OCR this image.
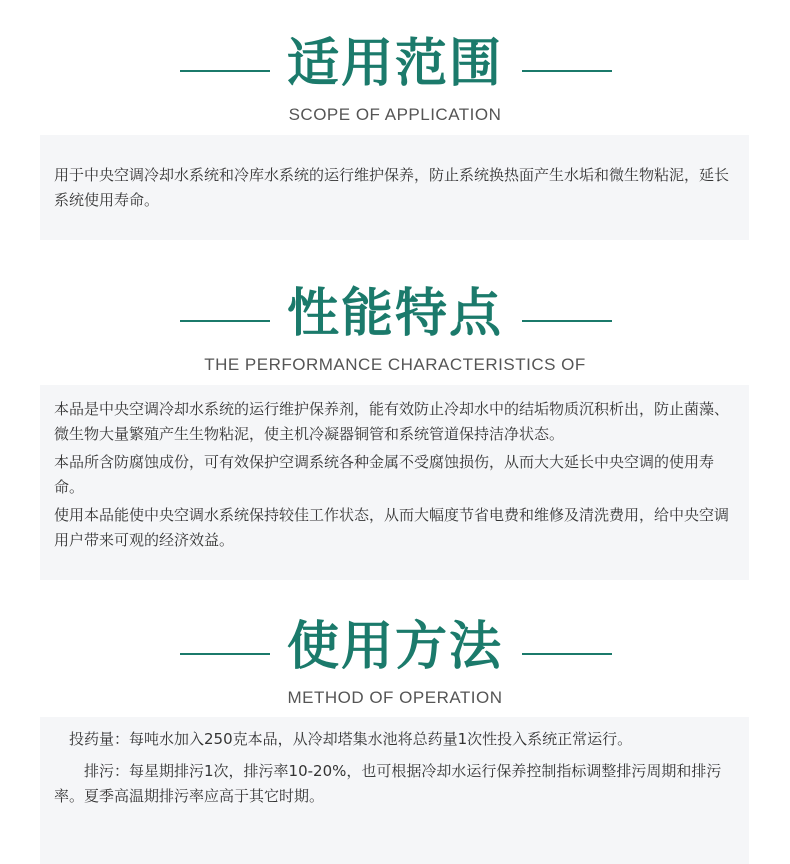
适用范围
SCOPE OF APPLICATION

用于中央空调冷却水系统和冷库水系统的运行维护保养，防止系统换热面产生水垢和微生物粘泥，延长系统使用寿命。

性能特点
THE PERFORMANCE CHARACTERISTICS OF

本品是中央空调冷却水系统的运行维护保养剂，能有效防止冷却水中的结垢物质沉积析出，防止菌藻、微生物大量繁殖产生生物粘泥，使主机冷凝器铜管和系统管道保持洁净状态。

本品所含防腐蚀成份，可有效保护空调系统各种金属不受腐蚀损伤，从而大大延长中央空调的使用寿命。

使用本品能使中央空调水系统保持较佳工作状态，从而大幅度节省电费和维修及清洗费用，给中央空调用户带来可观的经济效益。

使用方法
METHOD OF OPERATION

投药量：每吨水加入250克本品，从冷却塔集水池将总药量1次性投入系统正常运行。

排污：每星期排污1次，排污率10-20%，也可根据冷却水运行保养控制指标调整排污周期和排污率。夏季高温期排污率应高于其它时期。
